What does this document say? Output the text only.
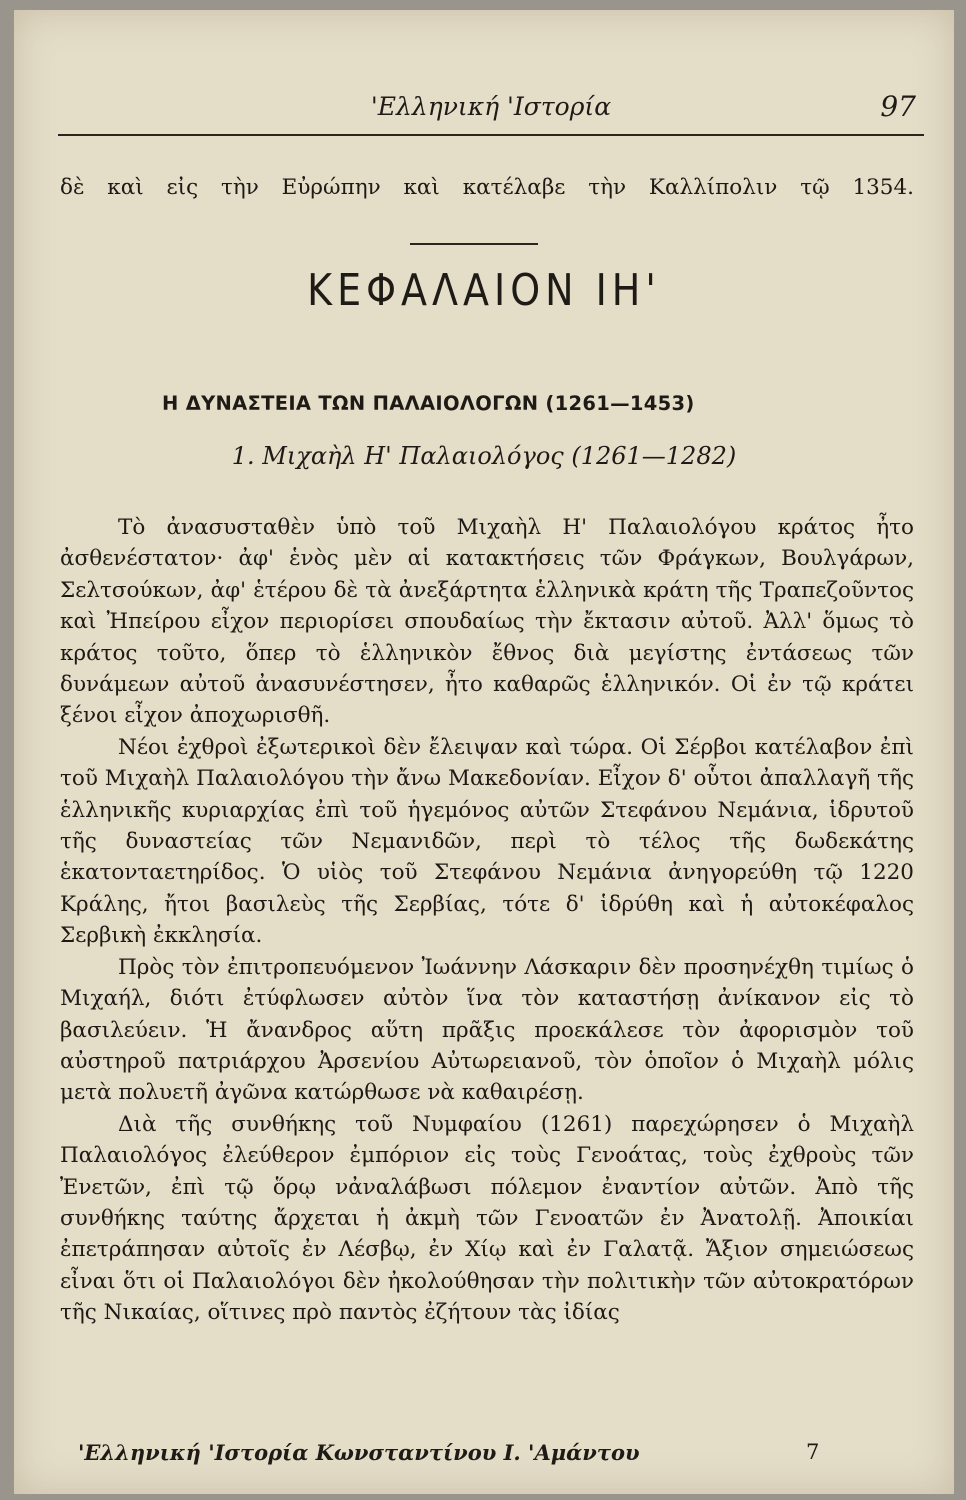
'Ελληνική 'Ιστορία	97

δὲ καὶ εἰς τὴν Εὐρώπην καὶ κατέλαβε τὴν Καλλίπολιν τῷ 1354.

ΚΕΦΑΛΑΙΟΝ ΙΗ'
Η ΔΥΝΑΣΤΕΙΑ ΤΩΝ ΠΑΛΑΙΟΛΟΓΩΝ (1261—1453)
1. Μιχαὴλ Η' Παλαιολόγος (1261—1282)

Τὸ ἀνασυσταθὲν ὑπὸ τοῦ Μιχαὴλ Η' Παλαιολόγου κράτος ἦτο ἀσθενέστατον· ἀφ' ἑνὸς μὲν αἱ κατακτήσεις τῶν Φράγκων, Βουλγάρων, Σελτσούκων, ἀφ' ἑτέρου δὲ τὰ ἀνεξάρτητα ἑλληνικὰ κράτη τῆς Τραπεζοῦντος καὶ Ἠπείρου εἶχον περιορίσει σπουδαίως τὴν ἔκτασιν αὐτοῦ. Ἀλλ' ὅμως τὸ κράτος τοῦτο, ὅπερ τὸ ἑλληνικὸν ἔθνος διὰ μεγίστης ἐντάσεως τῶν δυνάμεων αὐτοῦ ἀνασυνέστησεν, ἦτο καθαρῶς ἑλληνικόν. Οἱ ἐν τῷ κράτει ξένοι εἶχον ἀποχωρισθῆ.

Νέοι ἐχθροὶ ἐξωτερικοὶ δὲν ἔλειψαν καὶ τώρα. Οἱ Σέρβοι κατέλαβον ἐπὶ τοῦ Μιχαὴλ Παλαιολόγου τὴν ἄνω Μακεδονίαν. Εἶχον δ' οὗτοι ἀπαλλαγῆ τῆς ἑλληνικῆς κυριαρχίας ἐπὶ τοῦ ἡγεμόνος αὐτῶν Στεφάνου Νεμάνια, ἱδρυτοῦ τῆς δυναστείας τῶν Νεμανιδῶν, περὶ τὸ τέλος τῆς δωδεκάτης ἑκατονταετηρίδος. Ὁ υἱὸς τοῦ Στεφάνου Νεμάνια ἀνηγορεύθη τῷ 1220 Κράλης, ἤτοι βασιλεὺς τῆς Σερβίας, τότε δ' ἱδρύθη καὶ ἡ αὐτοκέφαλος Σερβικὴ ἐκκλησία.

Πρὸς τὸν ἐπιτροπευόμενον Ἰωάννην Λάσκαριν δὲν προσηνέχθη τιμίως ὁ Μιχαήλ, διότι ἐτύφλωσεν αὐτὸν ἵνα τὸν καταστήσῃ ἀνίκανον εἰς τὸ βασιλεύειν. Ἡ ἄνανδρος αὕτη πρᾶξις προεκάλεσε τὸν ἀφορισμὸν τοῦ αὐστηροῦ πατριάρχου Ἀρσενίου Αὐτωρειανοῦ, τὸν ὁποῖον ὁ Μιχαὴλ μόλις μετὰ πολυετῆ ἀγῶνα κατώρθωσε νὰ καθαιρέσῃ.

Διὰ τῆς συνθήκης τοῦ Νυμφαίου (1261) παρεχώρησεν ὁ Μιχαὴλ Παλαιολόγος ἐλεύθερον ἐμπόριον εἰς τοὺς Γενοάτας, τοὺς ἐχθροὺς τῶν Ἐνετῶν, ἐπὶ τῷ ὅρῳ νἀναλάβωσι πόλεμον ἐναντίον αὐτῶν. Ἀπὸ τῆς συνθήκης ταύτης ἄρχεται ἡ ἀκμὴ τῶν Γενοατῶν ἐν Ἀνατολῇ. Ἀποικίαι ἐπετράπησαν αὐτοῖς ἐν Λέσβῳ, ἐν Χίῳ καὶ ἐν Γαλατᾷ. Ἄξιον σημειώσεως εἶναι ὅτι οἱ Παλαιολόγοι δὲν ἠκολούθησαν τὴν πολιτικὴν τῶν αὐτοκρατόρων τῆς Νικαίας, οἵτινες πρὸ παντὸς ἐζήτουν τὰς ἰδίας

'Ελληνική 'Ιστορία Κωνσταντίνου Ι. 'Αμάντου	7
